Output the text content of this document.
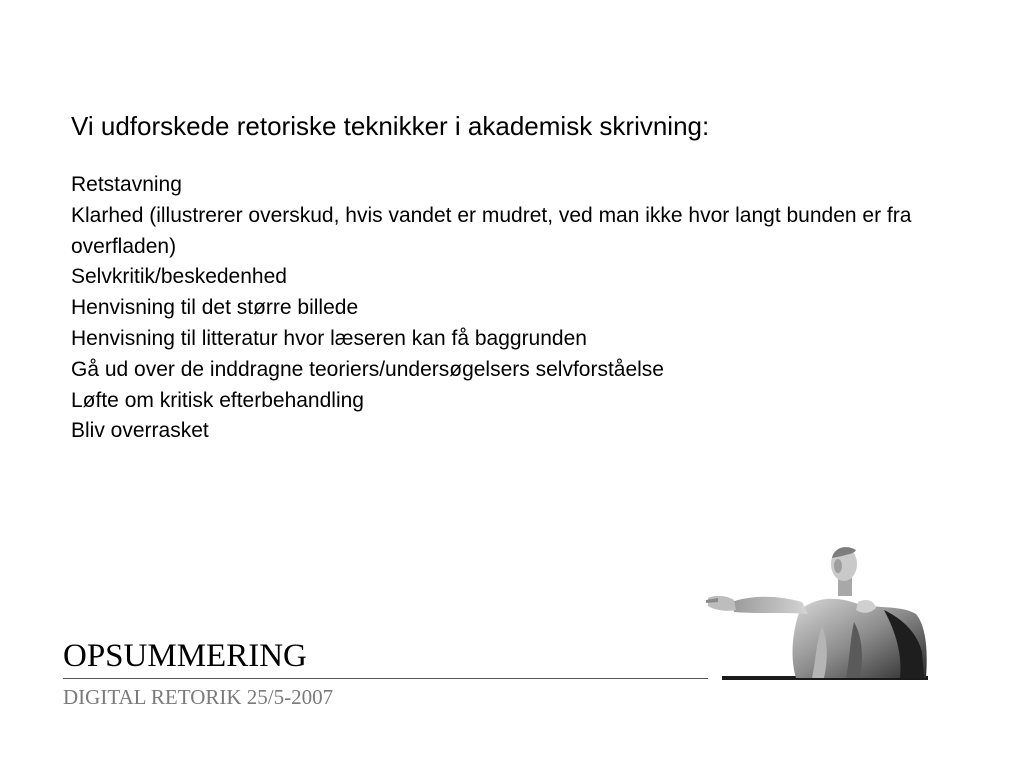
Vi udforskede retoriske teknikker i akademisk skrivning:
Retstavning
Klarhed (illustrerer overskud, hvis vandet er mudret, ved man ikke hvor langt bunden er fra overfladen)
Selvkritik/beskedenhed
Henvisning til det større billede
Henvisning til litteratur hvor læseren kan få baggrunden
Gå ud over de inddragne teoriers/undersøgelsers selvforståelse
Løfte om kritisk efterbehandling
Bliv overrasket
OPSUMMERING
DIGITAL RETORIK 25/5-2007
